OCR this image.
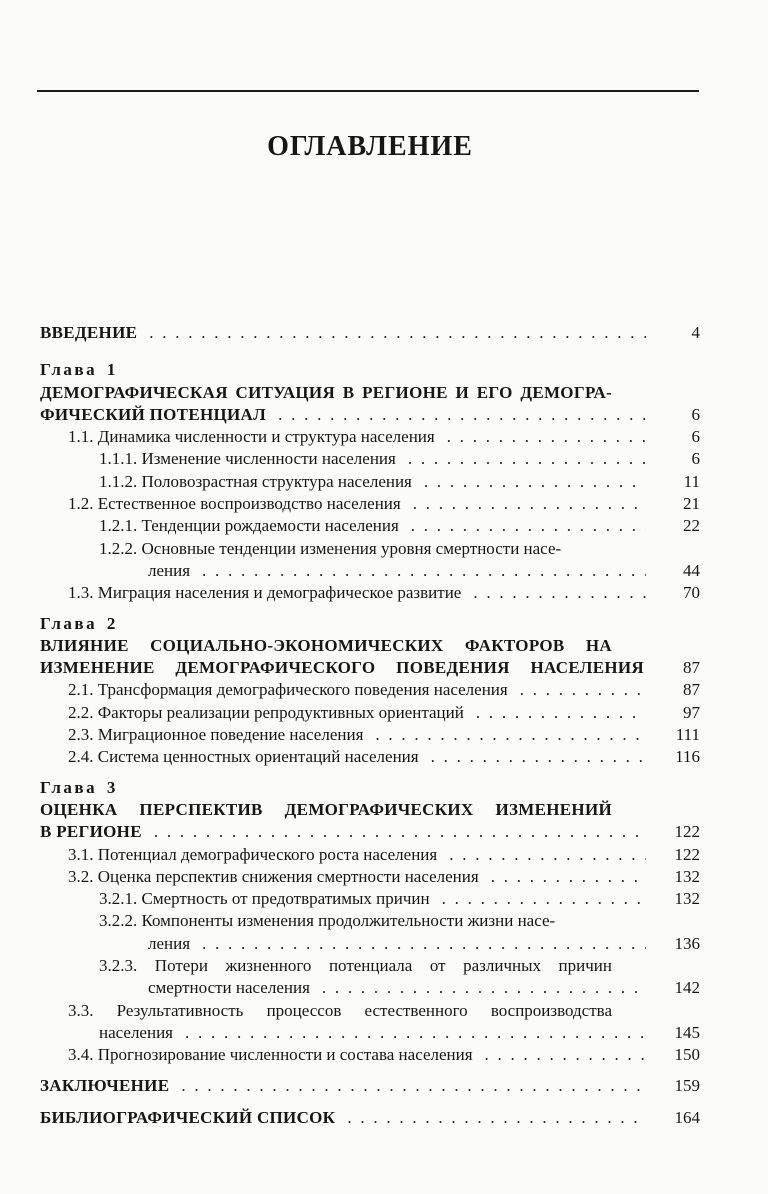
ОГЛАВЛЕНИЕ
ВВЕДЕНИЕ . . .	4
Глава 1
ДЕМОГРАФИЧЕСКАЯ СИТУАЦИЯ В РЕГИОНЕ И ЕГО ДЕМОГРА-
ФИЧЕСКИЙ ПОТЕНЦИАЛ . . .	6
1.1. Динамика численности и структура населения . . .	6
1.1.1. Изменение численности населения . . .	6
1.1.2. Половозрастная структура населения . . .	11
1.2. Естественное воспроизводство населения . . .	21
1.2.1. Тенденции рождаемости населения . . .	22
1.2.2. Основные тенденции изменения уровня смертности насе-
ления . . .	44
1.3. Миграция населения и демографическое развитие . . .	70
Глава 2
ВЛИЯНИЕ СОЦИАЛЬНО-ЭКОНОМИЧЕСКИХ ФАКТОРОВ НА
ИЗМЕНЕНИЕ ДЕМОГРАФИЧЕСКОГО ПОВЕДЕНИЯ НАСЕЛЕНИЯ	87
2.1. Трансформация демографического поведения населения . . .	87
2.2. Факторы реализации репродуктивных ориентаций . . .	97
2.3. Миграционное поведение населения . . .	111
2.4. Система ценностных ориентаций населения . . .	116
Глава 3
ОЦЕНКА ПЕРСПЕКТИВ ДЕМОГРАФИЧЕСКИХ ИЗМЕНЕНИЙ
В РЕГИОНЕ . . .	122
3.1. Потенциал демографического роста населения . . .	122
3.2. Оценка перспектив снижения смертности населения . . .	132
3.2.1. Смертность от предотвратимых причин . . .	132
3.2.2. Компоненты изменения продолжительности жизни насе-
ления . . .	136
3.2.3. Потери жизненного потенциала от различных причин
смертности населения . . .	142
3.3. Результативность процессов естественного воспроизводства
населения . . .	145
3.4. Прогнозирование численности и состава населения . . .	150
ЗАКЛЮЧЕНИЕ . . .	159
БИБЛИОГРАФИЧЕСКИЙ СПИСОК . . .	164
